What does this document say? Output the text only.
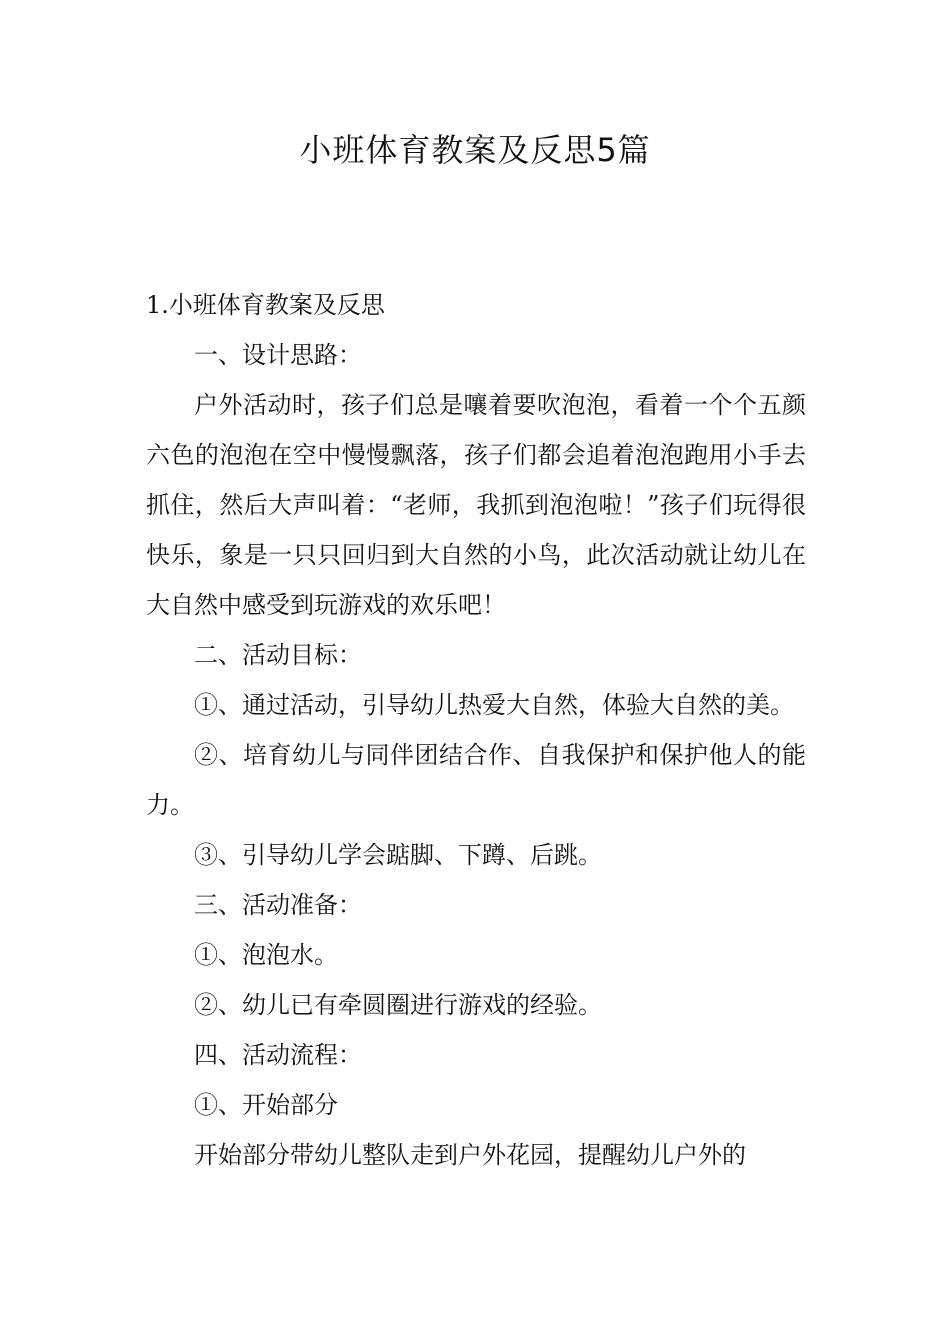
小班体育教案及反思5篇

1.小班体育教案及反思

一、设计思路：

户外活动时，孩子们总是嚷着要吹泡泡，看着一个个五颜六色的泡泡在空中慢慢飘落，孩子们都会追着泡泡跑用小手去抓住，然后大声叫着：“老师，我抓到泡泡啦！”孩子们玩得很快乐，象是一只只回归到大自然的小鸟，此次活动就让幼儿在大自然中感受到玩游戏的欢乐吧！

二、活动目标：

①、通过活动，引导幼儿热爱大自然，体验大自然的美。

②、培育幼儿与同伴团结合作、自我保护和保护他人的能力。

③、引导幼儿学会踮脚、下蹲、后跳。

三、活动准备：

①、泡泡水。

②、幼儿已有牵圆圈进行游戏的经验。

四、活动流程：

①、开始部分

开始部分带幼儿整队走到户外花园，提醒幼儿户外的
